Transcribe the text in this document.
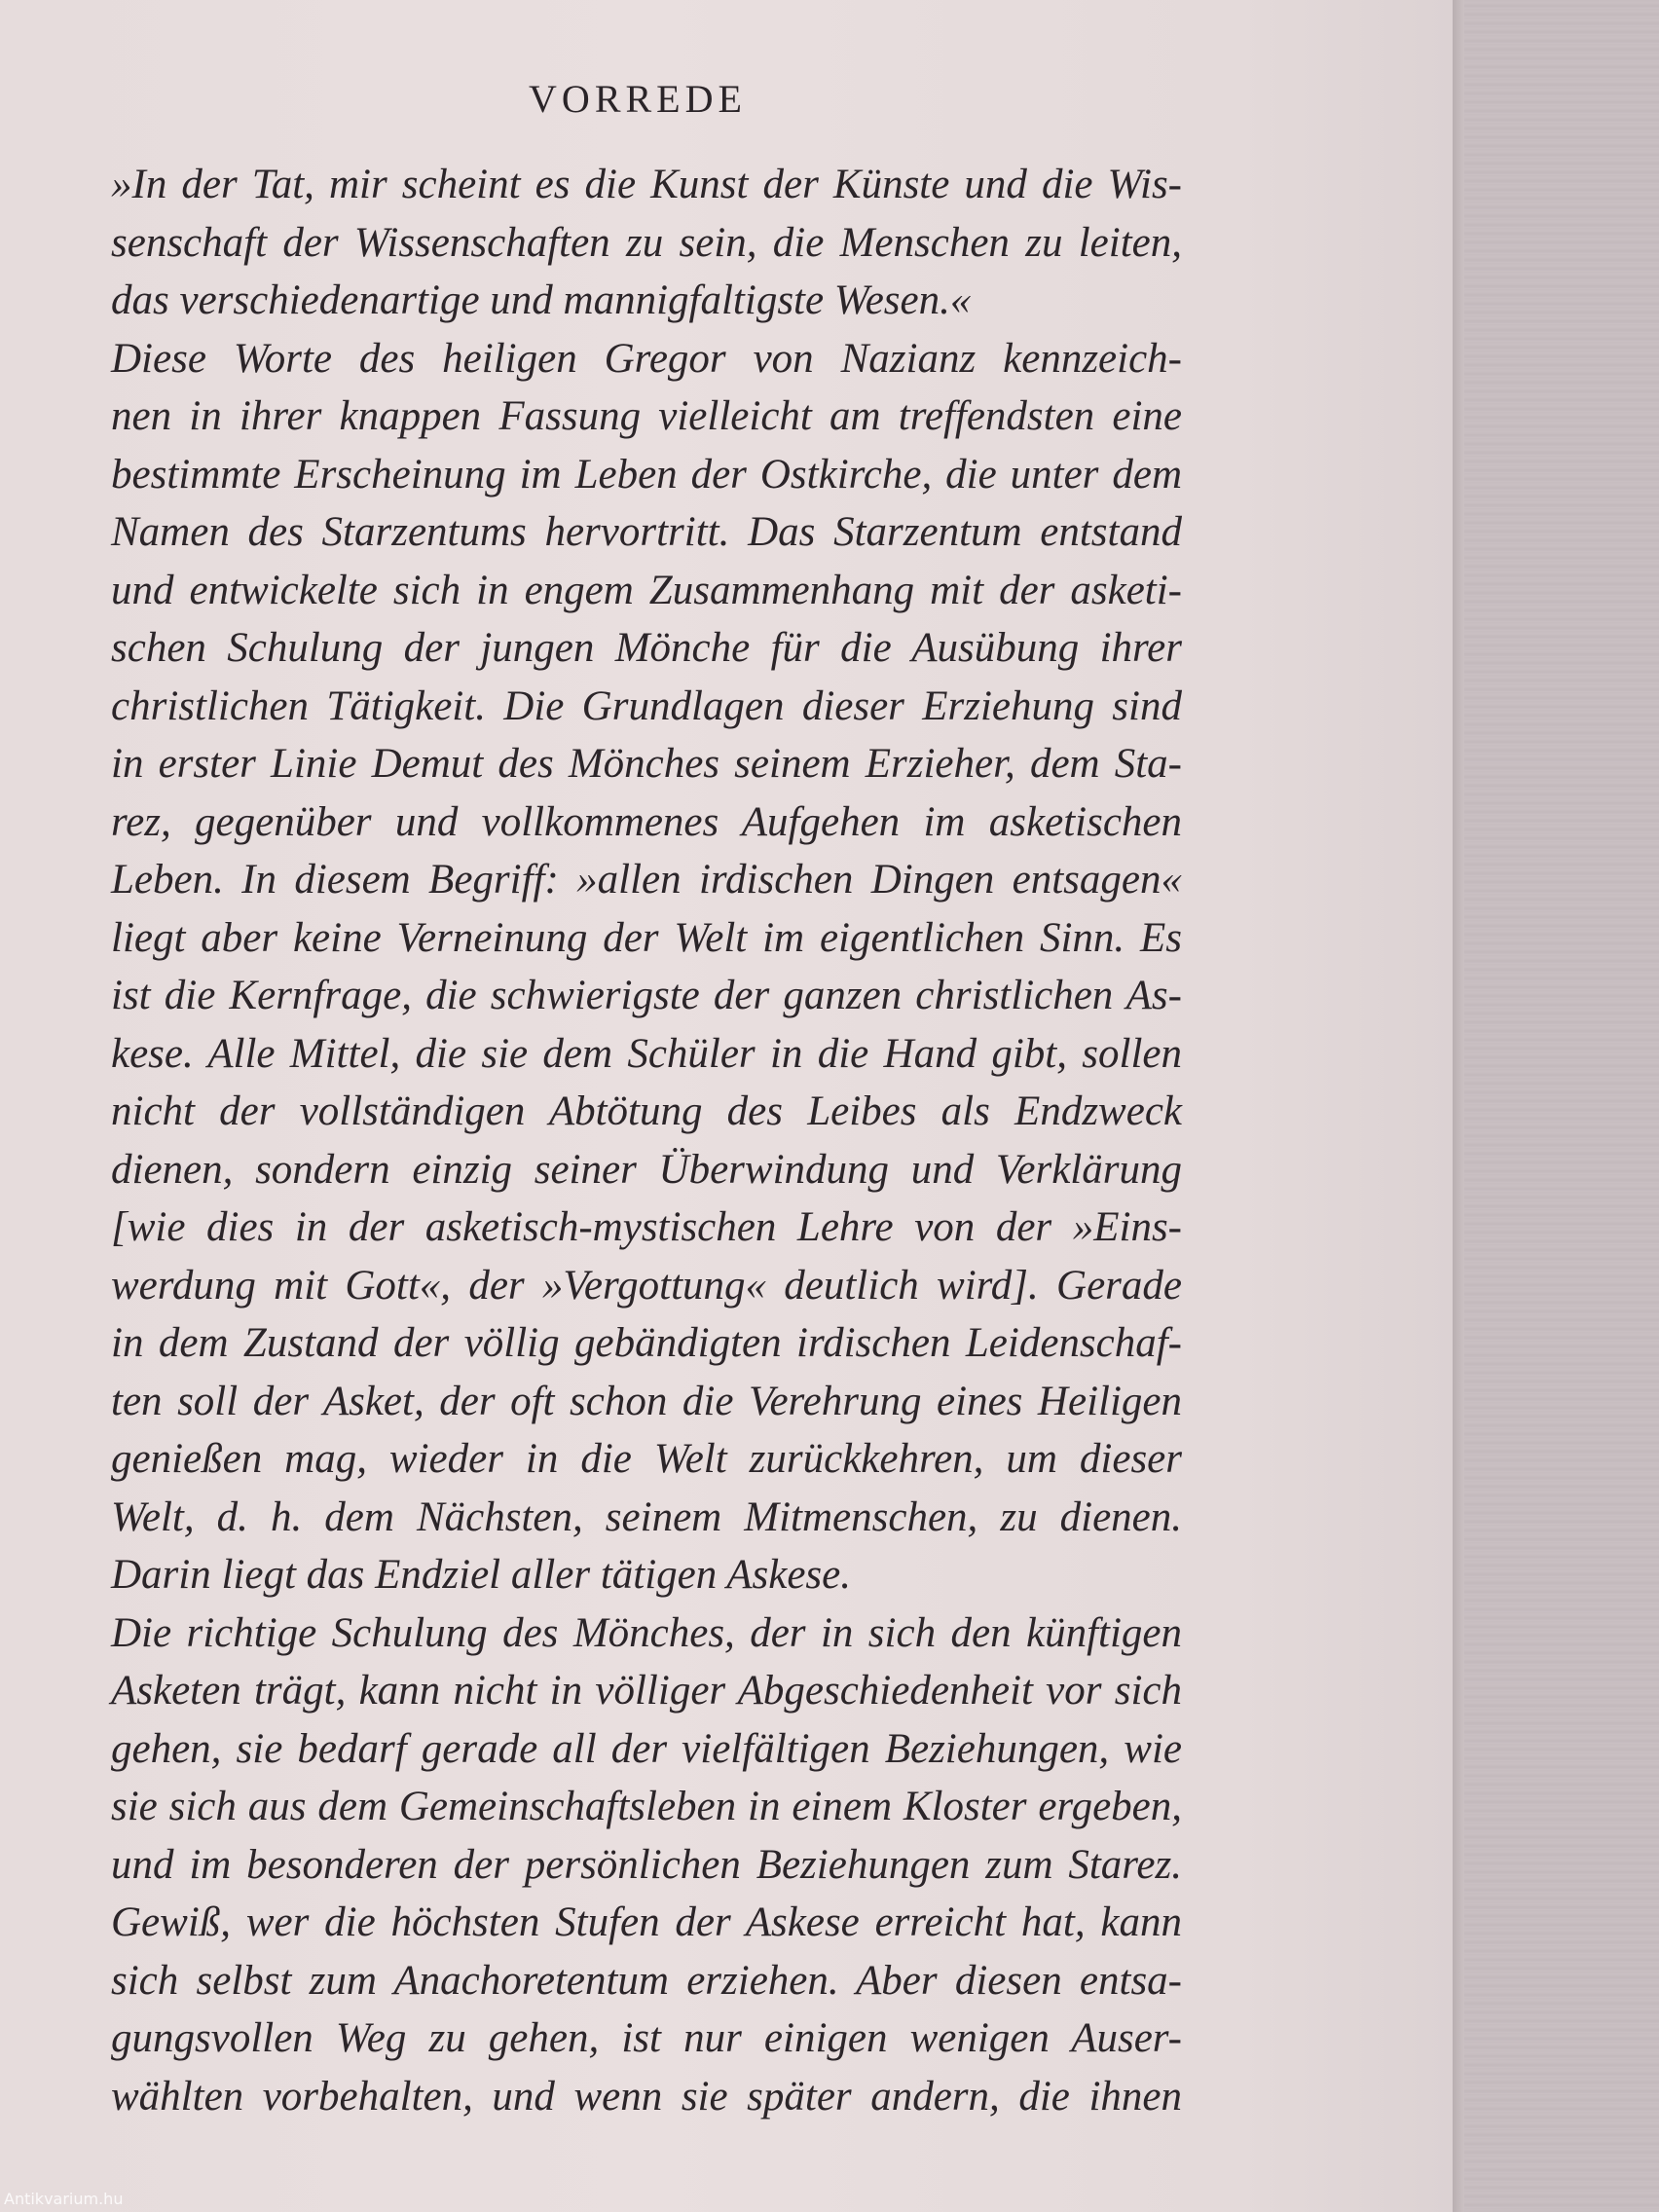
VORREDE
»In der Tat, mir scheint es die Kunst der Künste und die Wis-
senschaft der Wissenschaften zu sein, die Menschen zu leiten,
das verschiedenartige und mannigfaltigste Wesen.«
Diese Worte des heiligen Gregor von Nazianz kennzeich-
nen in ihrer knappen Fassung vielleicht am treffendsten eine
bestimmte Erscheinung im Leben der Ostkirche, die unter dem
Namen des Starzentums hervortritt. Das Starzentum entstand
und entwickelte sich in engem Zusammenhang mit der asketi-
schen Schulung der jungen Mönche für die Ausübung ihrer
christlichen Tätigkeit. Die Grundlagen dieser Erziehung sind
in erster Linie Demut des Mönches seinem Erzieher, dem Sta-
rez, gegenüber und vollkommenes Aufgehen im asketischen
Leben. In diesem Begriff: »allen irdischen Dingen entsagen«
liegt aber keine Verneinung der Welt im eigentlichen Sinn. Es
ist die Kernfrage, die schwierigste der ganzen christlichen As-
kese. Alle Mittel, die sie dem Schüler in die Hand gibt, sollen
nicht der vollständigen Abtötung des Leibes als Endzweck
dienen, sondern einzig seiner Überwindung und Verklärung
[wie dies in der asketisch-mystischen Lehre von der »Eins-
werdung mit Gott«, der »Vergottung« deutlich wird]. Gerade
in dem Zustand der völlig gebändigten irdischen Leidenschaf-
ten soll der Asket, der oft schon die Verehrung eines Heiligen
genießen mag, wieder in die Welt zurückkehren, um dieser
Welt, d. h. dem Nächsten, seinem Mitmenschen, zu dienen.
Darin liegt das Endziel aller tätigen Askese.
Die richtige Schulung des Mönches, der in sich den künftigen
Asketen trägt, kann nicht in völliger Abgeschiedenheit vor sich
gehen, sie bedarf gerade all der vielfältigen Beziehungen, wie
sie sich aus dem Gemeinschaftsleben in einem Kloster ergeben,
und im besonderen der persönlichen Beziehungen zum Starez.
Gewiß, wer die höchsten Stufen der Askese erreicht hat, kann
sich selbst zum Anachoretentum erziehen. Aber diesen entsa-
gungsvollen Weg zu gehen, ist nur einigen wenigen Auser-
wählten vorbehalten, und wenn sie später andern, die ihnen
Antikvarium.hu
